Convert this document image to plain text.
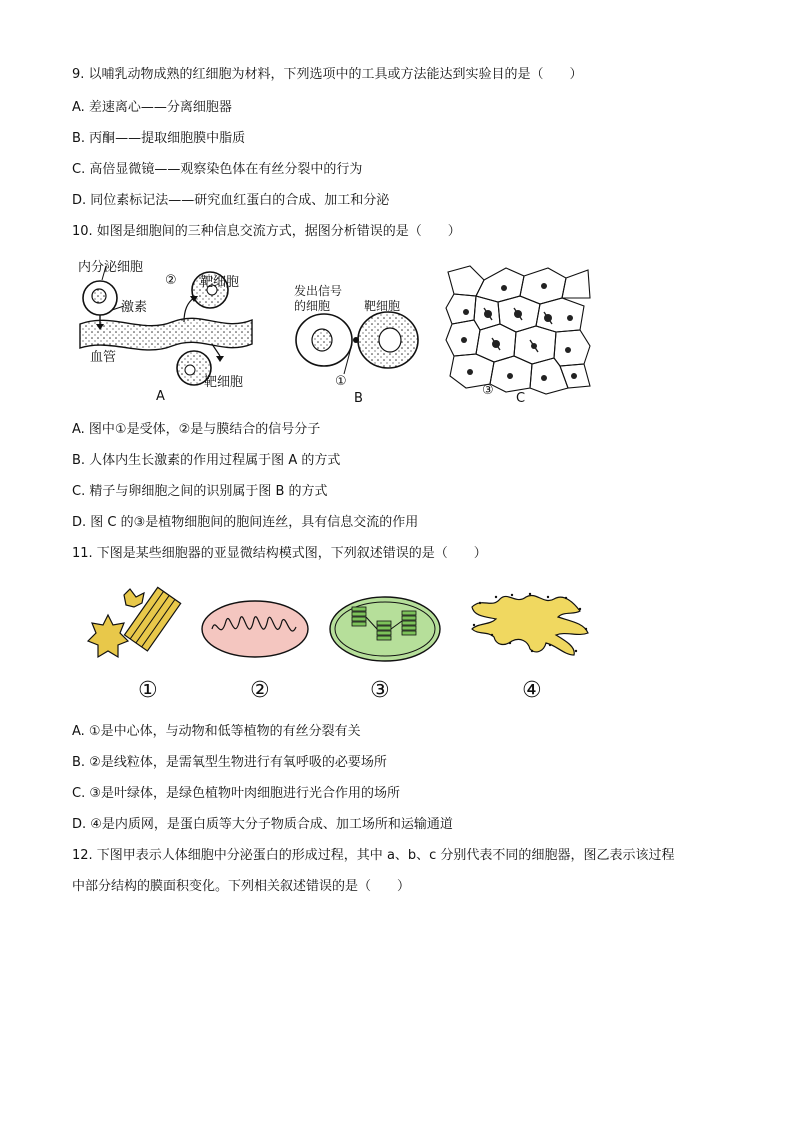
9. 以哺乳动物成熟的红细胞为材料，下列选项中的工具或方法能达到实验目的是（　　）
A. 差速离心——分离细胞器
B. 丙酮——提取细胞膜中脂质
C. 高倍显微镜——观察染色体在有丝分裂中的行为
D. 同位素标记法——研究血红蛋白的合成、加工和分泌
10. 如图是细胞间的三种信息交流方式，据图分析错误的是（　　）
内分泌细胞
激素
血管
② 靶细胞
靶细胞
A
发出信号
的细胞	靶细胞
①
B
③
C
A. 图中①是受体，②是与膜结合的信号分子
B. 人体内生长激素的作用过程属于图 A 的方式
C. 精子与卵细胞之间的识别属于图 B 的方式
D. 图 C 的③是植物细胞间的胞间连丝，具有信息交流的作用
11. 下图是某些细胞器的亚显微结构模式图，下列叙述错误的是（　　）
①	②	③	④
A. ①是中心体，与动物和低等植物的有丝分裂有关
B. ②是线粒体，是需氧型生物进行有氧呼吸的必要场所
C. ③是叶绿体，是绿色植物叶肉细胞进行光合作用的场所
D. ④是内质网，是蛋白质等大分子物质合成、加工场所和运输通道
12. 下图甲表示人体细胞中分泌蛋白的形成过程，其中 a、b、c 分别代表不同的细胞器，图乙表示该过程
中部分结构的膜面积变化。下列相关叙述错误的是（　　）
